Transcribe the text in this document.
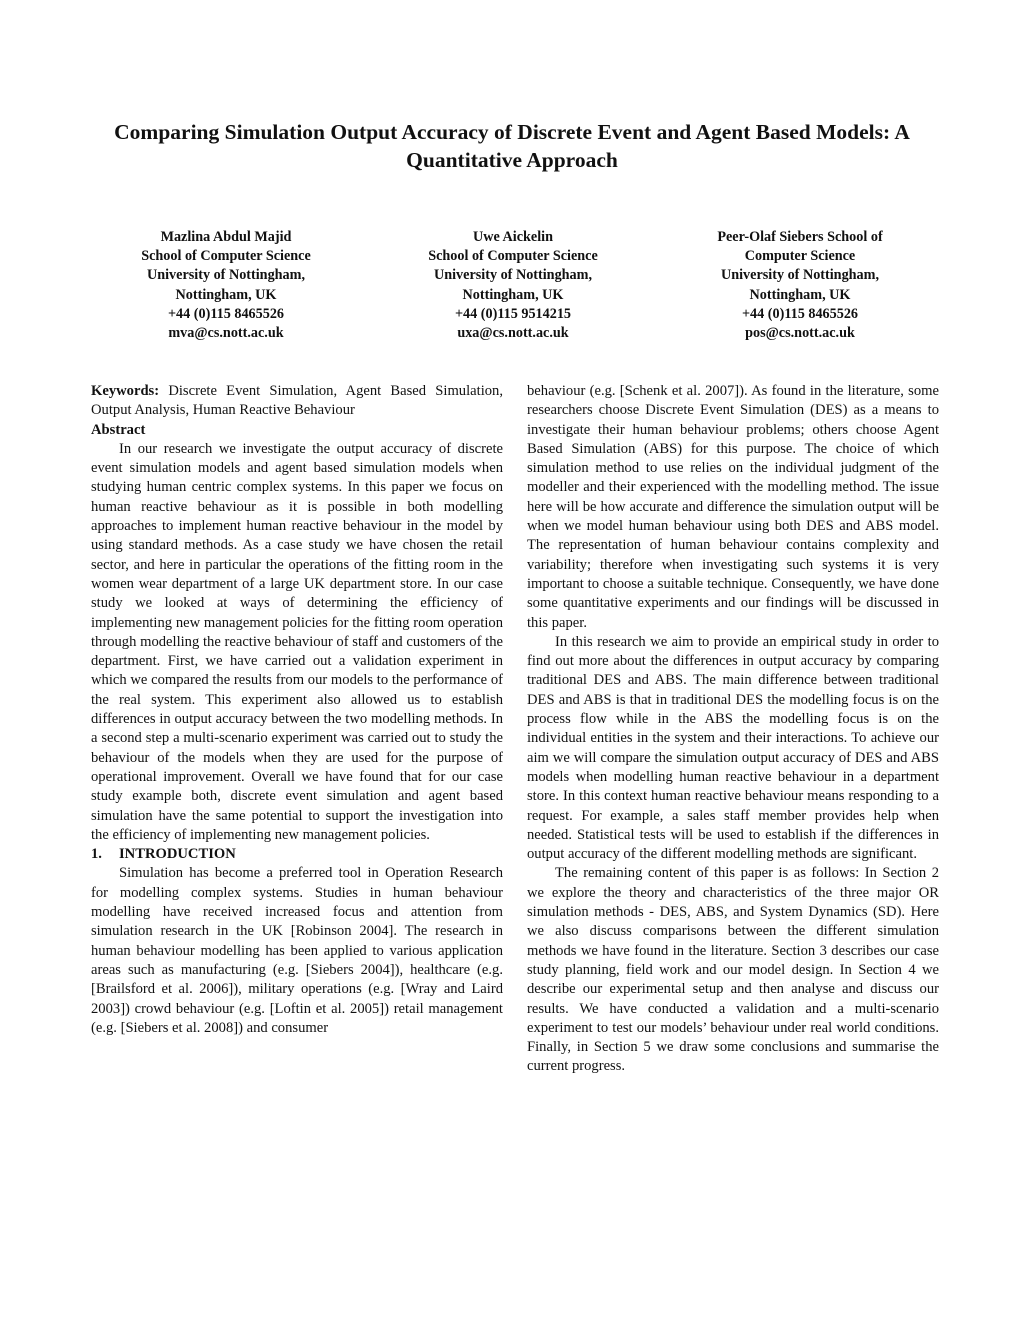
Comparing Simulation Output Accuracy of Discrete Event and Agent Based Models: A Quantitative Approach
Mazlina Abdul Majid
School of Computer Science
University of Nottingham,
Nottingham, UK
+44 (0)115 8465526
mva@cs.nott.ac.uk
Uwe Aickelin
School of Computer Science
University of Nottingham,
Nottingham, UK
+44 (0)115 9514215
uxa@cs.nott.ac.uk
Peer-Olaf Siebers School of
Computer Science
University of Nottingham,
Nottingham, UK
+44 (0)115 8465526
pos@cs.nott.ac.uk

Keywords: Discrete Event Simulation, Agent Based Simulation, Output Analysis, Human Reactive Behaviour

Abstract

In our research we investigate the output accuracy of discrete event simulation models and agent based simulation models when studying human centric complex systems. In this paper we focus on human reactive behaviour as it is possible in both modelling approaches to implement human reactive behaviour in the model by using standard methods. As a case study we have chosen the retail sector, and here in particular the operations of the fitting room in the women wear department of a large UK department store. In our case study we looked at ways of determining the efficiency of implementing new management policies for the fitting room operation through modelling the reactive behaviour of staff and customers of the department. First, we have carried out a validation experiment in which we compared the results from our models to the performance of the real system. This experiment also allowed us to establish differences in output accuracy between the two modelling methods. In a second step a multi-scenario experiment was carried out to study the behaviour of the models when they are used for the purpose of operational improvement. Overall we have found that for our case study example both, discrete event simulation and agent based simulation have the same potential to support the investigation into the efficiency of implementing new management policies.

1. INTRODUCTION

Simulation has become a preferred tool in Operation Research for modelling complex systems. Studies in human behaviour modelling have received increased focus and attention from simulation research in the UK [Robinson 2004]. The research in human behaviour modelling has been applied to various application areas such as manufacturing (e.g. [Siebers 2004]), healthcare (e.g. [Brailsford et al. 2006]), military operations (e.g. [Wray and Laird 2003]) crowd behaviour (e.g. [Loftin et al. 2005]) retail management (e.g. [Siebers et al. 2008]) and consumer

behaviour (e.g. [Schenk et al. 2007]). As found in the literature, some researchers choose Discrete Event Simulation (DES) as a means to investigate their human behaviour problems; others choose Agent Based Simulation (ABS) for this purpose. The choice of which simulation method to use relies on the individual judgment of the modeller and their experienced with the modelling method. The issue here will be how accurate and difference the simulation output will be when we model human behaviour using both DES and ABS model. The representation of human behaviour contains complexity and variability; therefore when investigating such systems it is very important to choose a suitable technique. Consequently, we have done some quantitative experiments and our findings will be discussed in this paper.

In this research we aim to provide an empirical study in order to find out more about the differences in output accuracy by comparing traditional DES and ABS. The main difference between traditional DES and ABS is that in traditional DES the modelling focus is on the process flow while in the ABS the modelling focus is on the individual entities in the system and their interactions. To achieve our aim we will compare the simulation output accuracy of DES and ABS models when modelling human reactive behaviour in a department store. In this context human reactive behaviour means responding to a request. For example, a sales staff member provides help when needed. Statistical tests will be used to establish if the differences in output accuracy of the different modelling methods are significant.

The remaining content of this paper is as follows: In Section 2 we explore the theory and characteristics of the three major OR simulation methods - DES, ABS, and System Dynamics (SD). Here we also discuss comparisons between the different simulation methods we have found in the literature. Section 3 describes our case study planning, field work and our model design. In Section 4 we describe our experimental setup and then analyse and discuss our results. We have conducted a validation and a multi-scenario experiment to test our models’ behaviour under real world conditions. Finally, in Section 5 we draw some conclusions and summarise the current progress.
